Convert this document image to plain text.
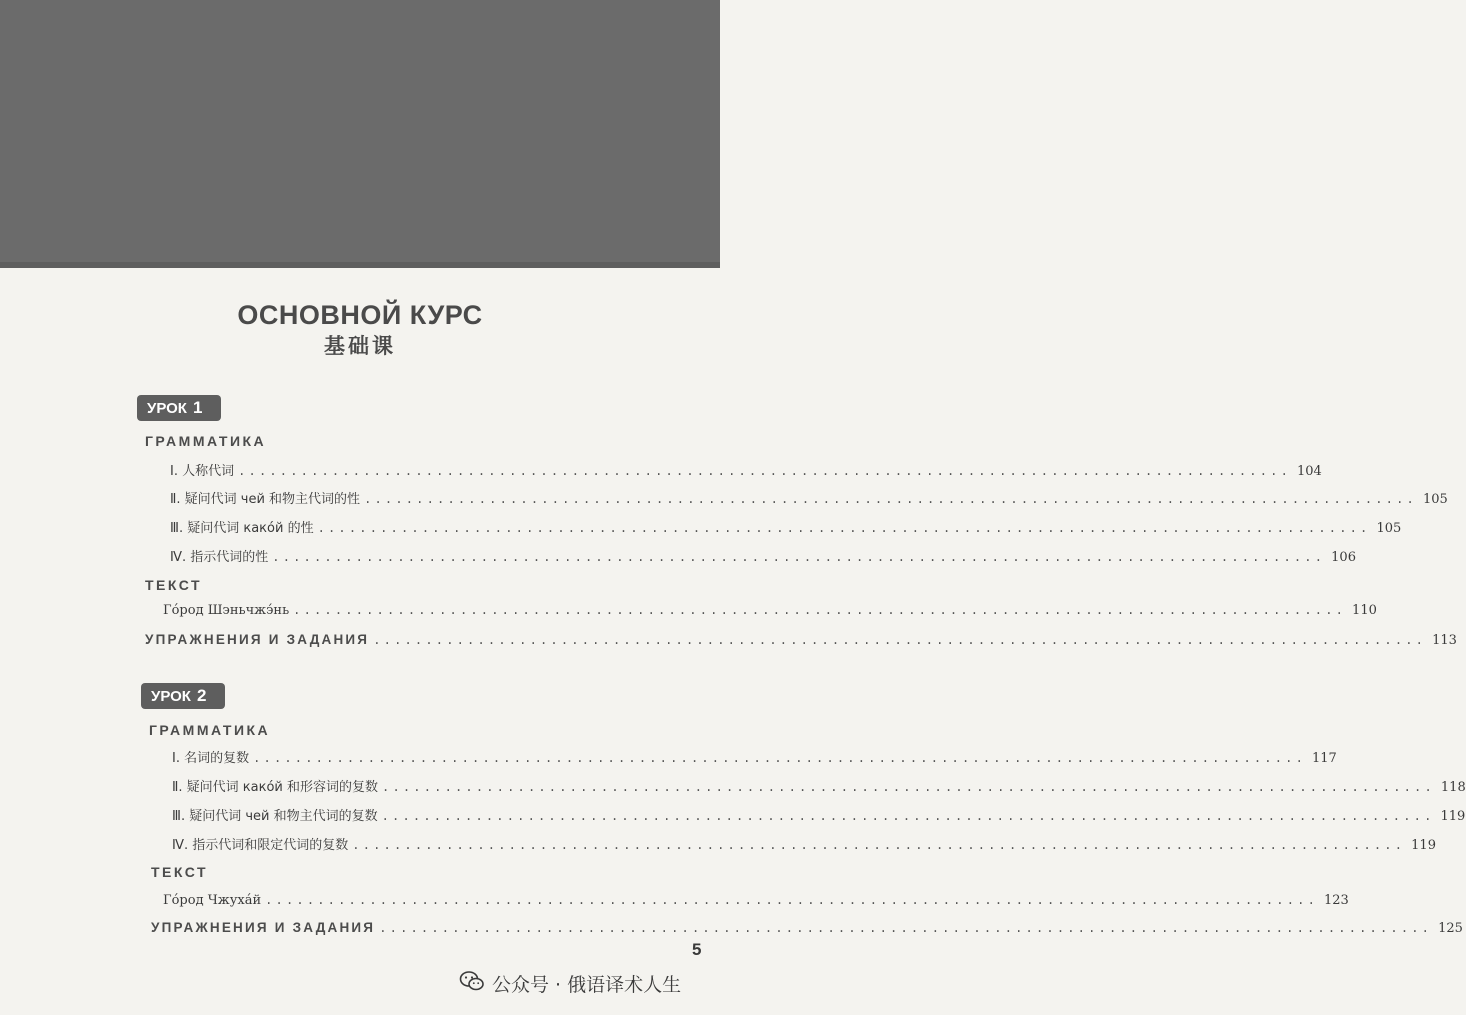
ОСНОВНОЙ КУРС
基础课
УРОК 1
ГРАММАТИКА
Ⅰ. 人称代词 ..................................................................................................... 104
Ⅱ. 疑问代词 чей 和物主代词的性 ..................................................................................................... 105
Ⅲ. 疑问代词 какóй 的性 ..................................................................................................... 105
Ⅳ. 指示代词的性 ..................................................................................................... 106
ТЕКСТ
Гóрод Шэньчжэ́нь ..................................................................................................... 110
УПРАЖНЕНИЯ И ЗАДАНИЯ ..................................................................................................... 113
УРОК 2
ГРАММАТИКА
Ⅰ. 名词的复数 ..................................................................................................... 117
Ⅱ. 疑问代词 какóй 和形容词的复数 ..................................................................................................... 118
Ⅲ. 疑问代词 чей 和物主代词的复数 ..................................................................................................... 119
Ⅳ. 指示代词和限定代词的复数 ..................................................................................................... 119
ТЕКСТ
Гóрод Чжухáй ..................................................................................................... 123
УПРАЖНЕНИЯ И ЗАДАНИЯ ..................................................................................................... 125
5
公众号 · 俄语译术人生
